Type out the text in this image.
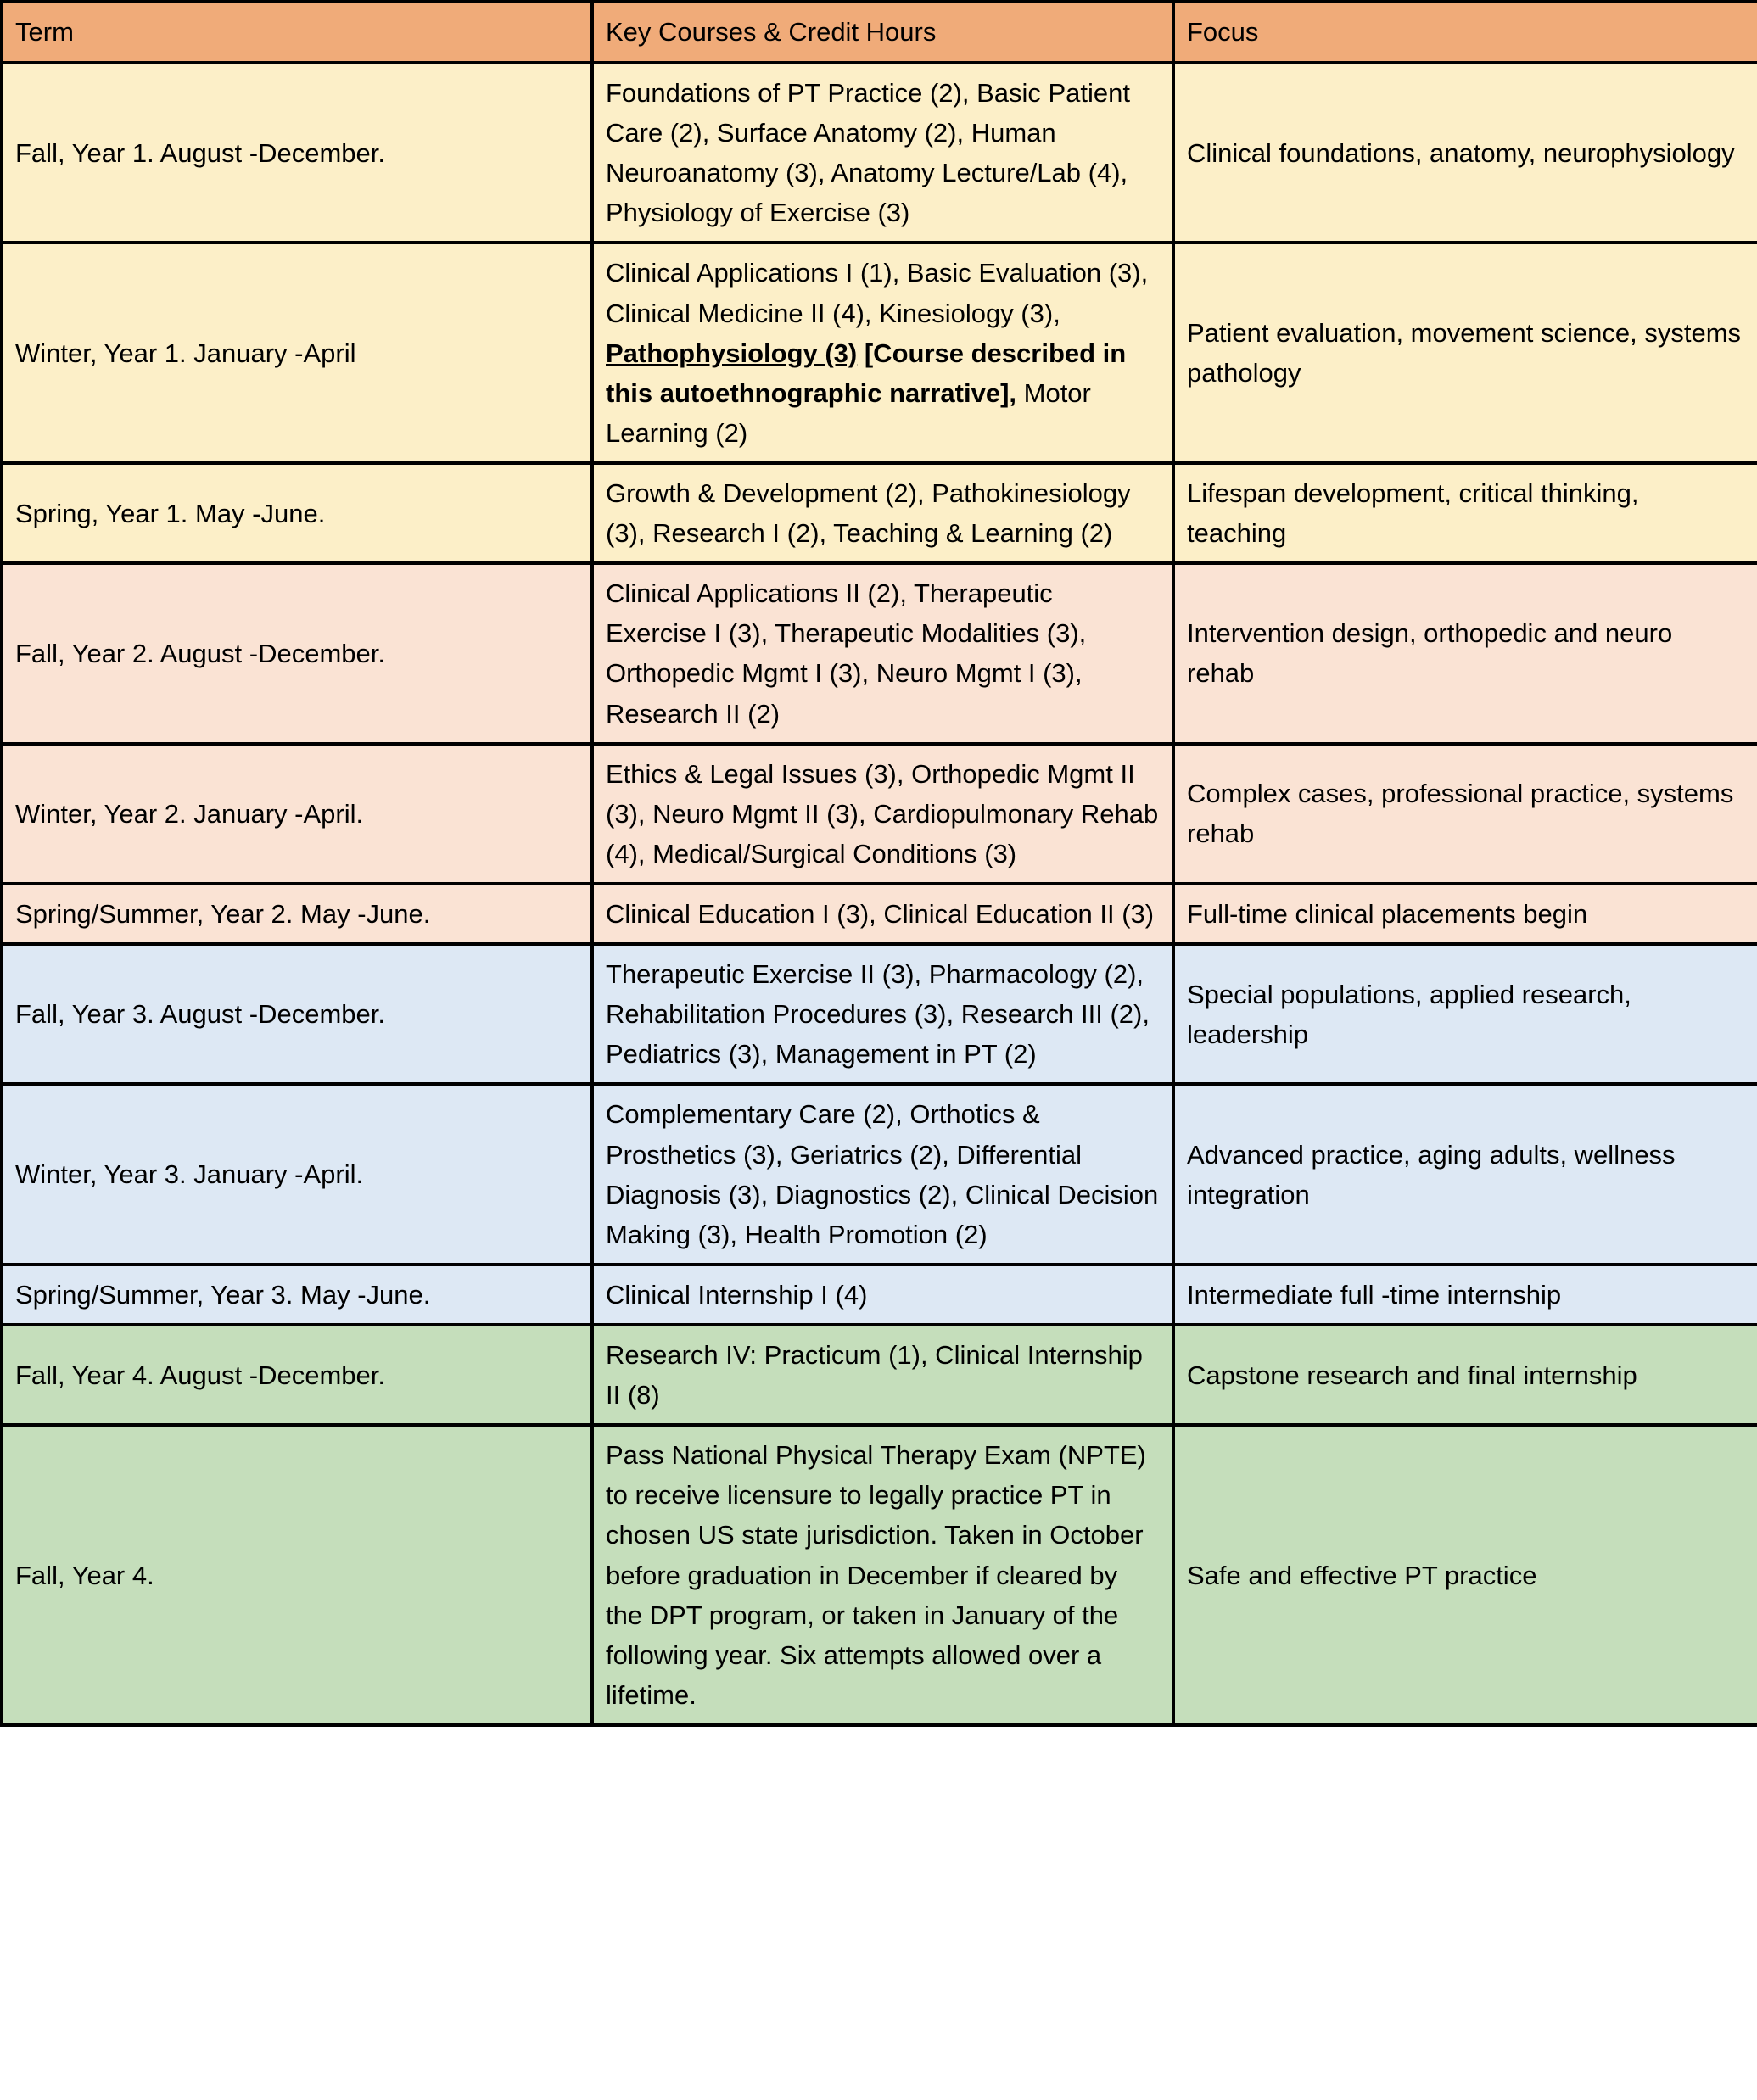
Term	Key Courses & Credit Hours	Focus
Fall, Year 1. August -December.	Foundations of PT Practice (2), Basic Patient Care (2), Surface Anatomy (2), Human Neuroanatomy (3), Anatomy Lecture/Lab (4), Physiology of Exercise (3)	Clinical foundations, anatomy, neurophysiology
Winter, Year 1. January -April	Clinical Applications I (1), Basic Evaluation (3), Clinical Medicine II (4), Kinesiology (3), Pathophysiology (3) [Course described in this autoethnographic narrative], Motor Learning (2)	Patient evaluation, movement science, systems pathology
Spring, Year 1. May -June.	Growth & Development (2), Pathokinesiology (3), Research I (2), Teaching & Learning (2)	Lifespan development, critical thinking, teaching
Fall, Year 2. August -December.	Clinical Applications II (2), Therapeutic Exercise I (3), Therapeutic Modalities (3), Orthopedic Mgmt I (3), Neuro Mgmt I (3), Research II (2)	Intervention design, orthopedic and neuro rehab
Winter, Year 2. January -April.	Ethics & Legal Issues (3), Orthopedic Mgmt II (3), Neuro Mgmt II (3), Cardiopulmonary Rehab (4), Medical/Surgical Conditions (3)	Complex cases, professional practice, systems rehab
Spring/Summer, Year 2. May -June.	Clinical Education I (3), Clinical Education II (3)	Full-time clinical placements begin
Fall, Year 3. August -December.	Therapeutic Exercise II (3), Pharmacology (2), Rehabilitation Procedures (3), Research III (2), Pediatrics (3), Management in PT (2)	Special populations, applied research, leadership
Winter, Year 3. January -April.	Complementary Care (2), Orthotics & Prosthetics (3), Geriatrics (2), Differential Diagnosis (3), Diagnostics (2), Clinical Decision Making (3), Health Promotion (2)	Advanced practice, aging adults, wellness integration
Spring/Summer, Year 3. May -June.	Clinical Internship I (4)	Intermediate full -time internship
Fall, Year 4. August -December.	Research IV: Practicum (1), Clinical Internship II (8)	Capstone research and final internship
Fall, Year 4.	Pass National Physical Therapy Exam (NPTE) to receive licensure to legally practice PT in chosen US state jurisdiction. Taken in October before graduation in December if cleared by the DPT program, or taken in January of the following year. Six attempts allowed over a lifetime.	Safe and effective PT practice
